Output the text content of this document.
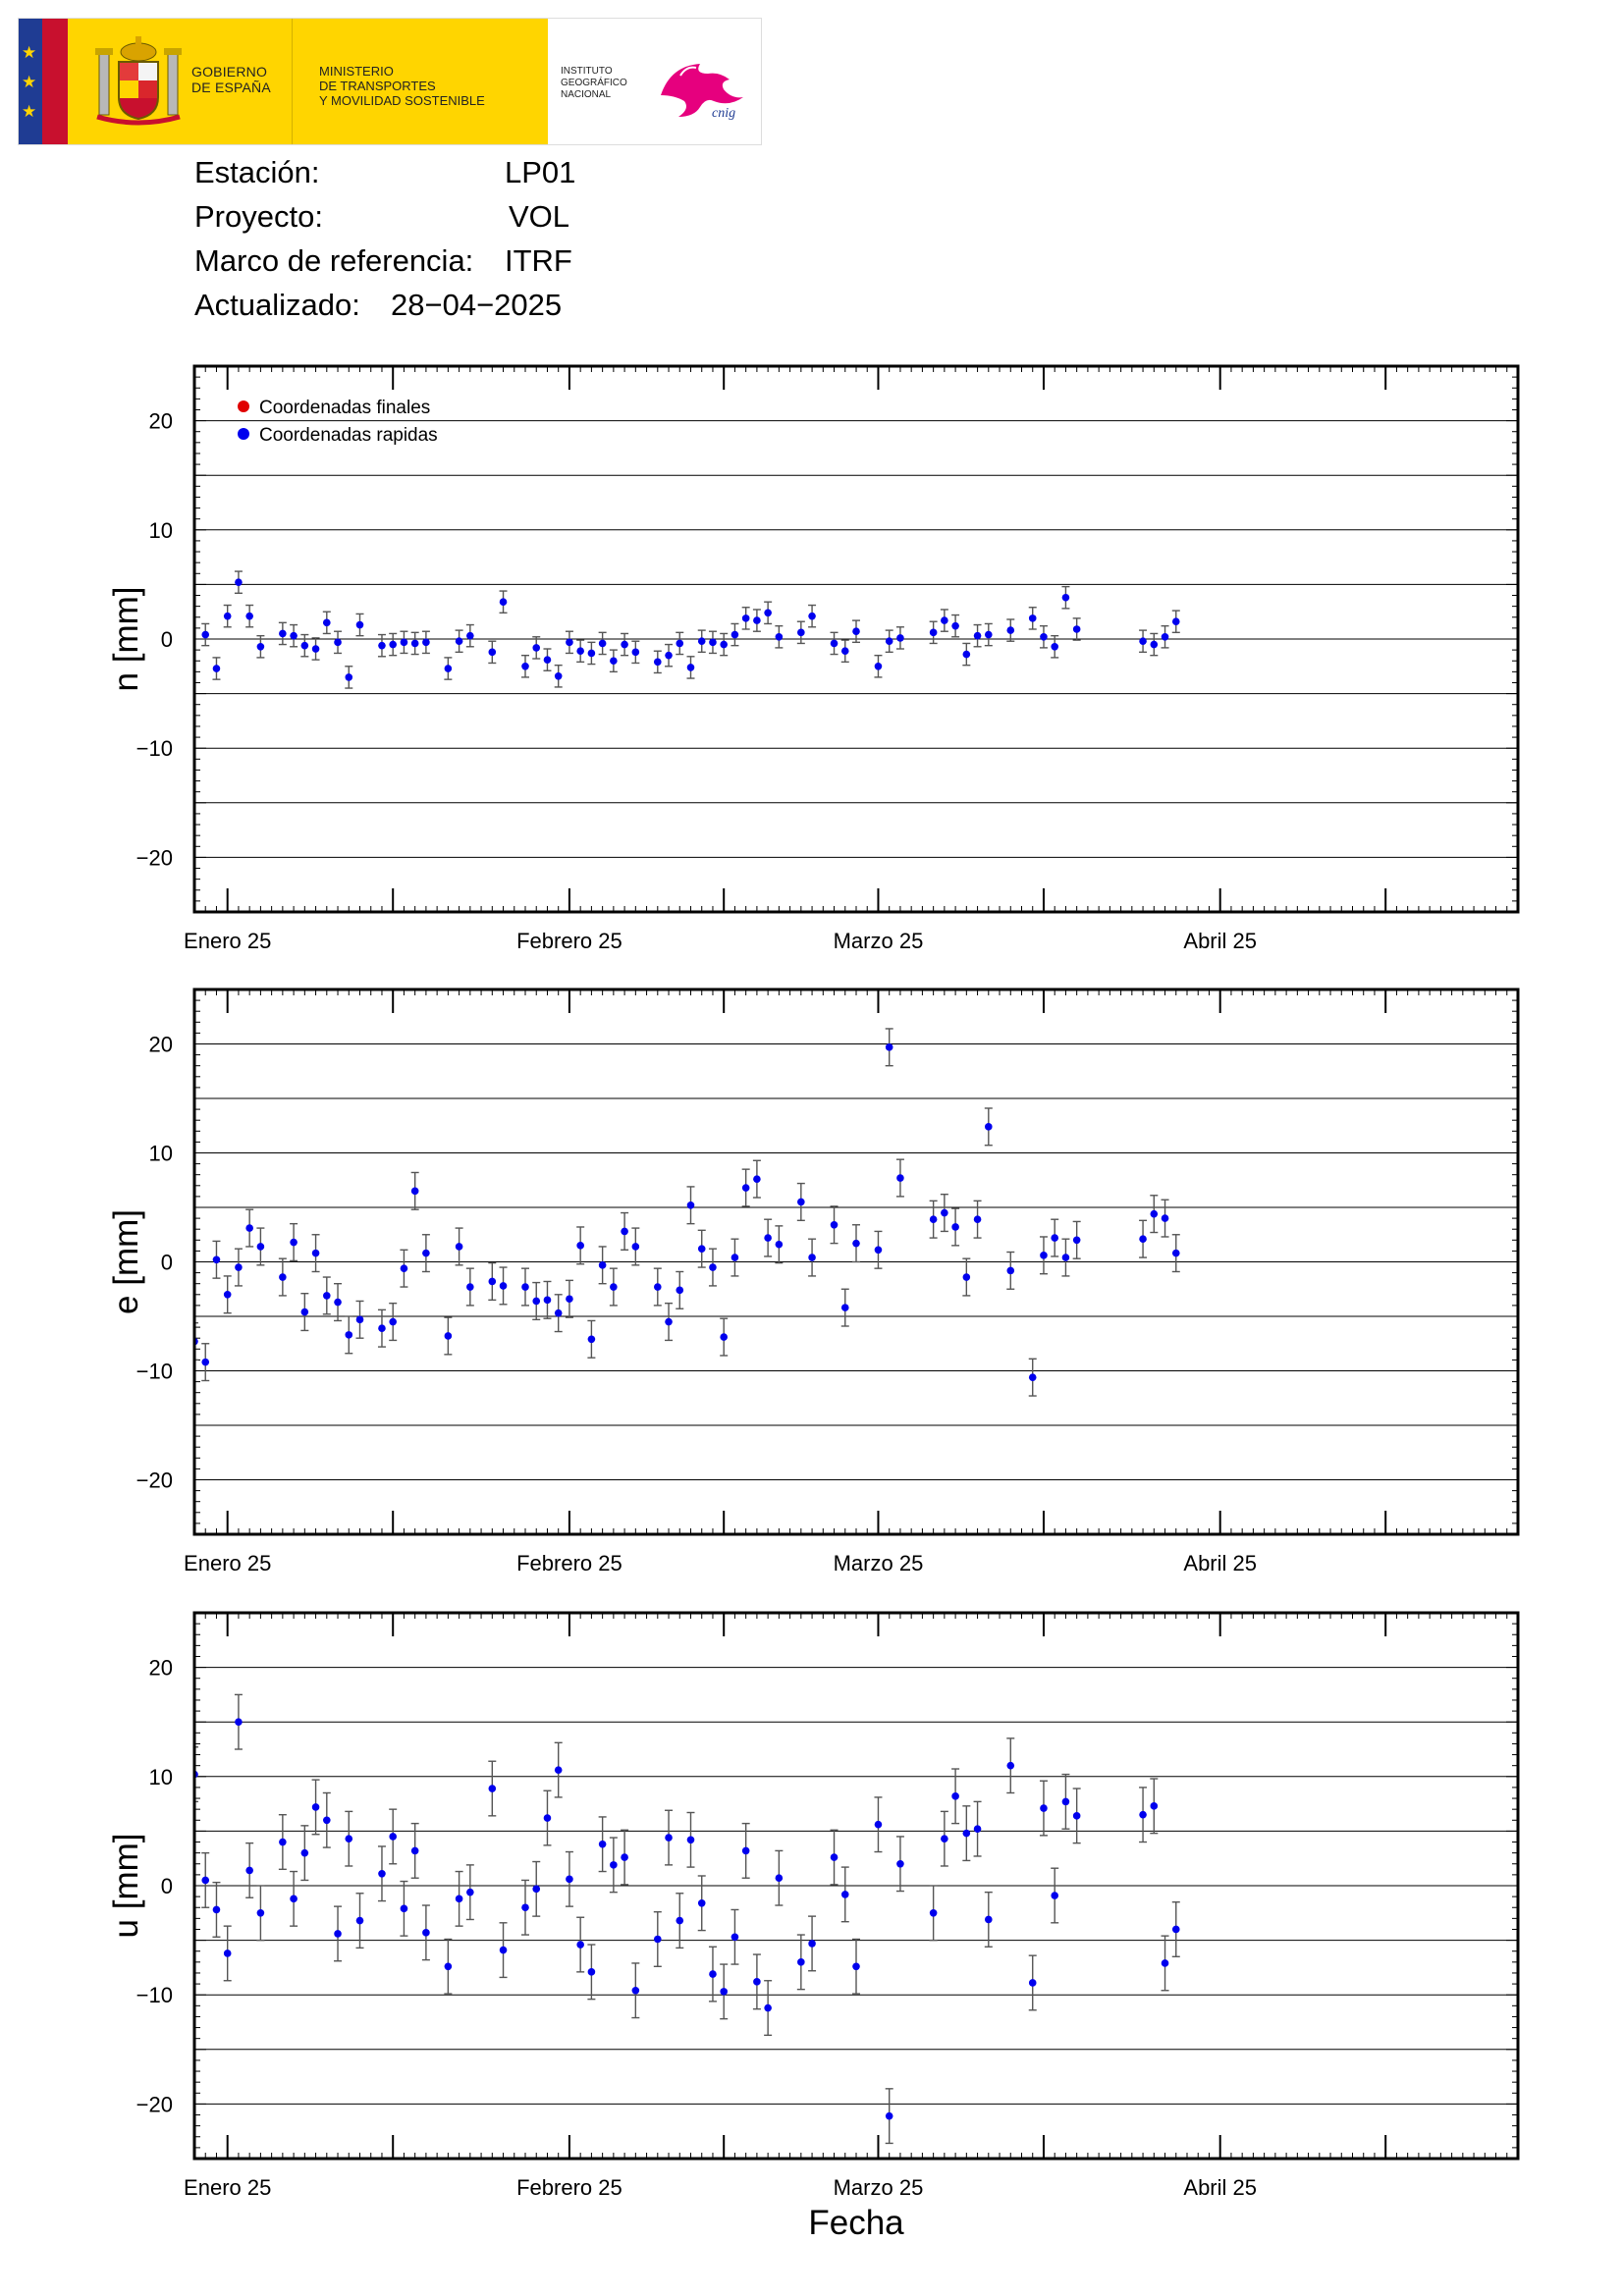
★
★
★
GOBIERNO
DE ESPAÑA
MINISTERIO
DE TRANSPORTES
Y MOVILIDAD SOSTENIBLE
INSTITUTO
GEOGRÁFICO
NACIONAL
cnig
Estación:	LP01
Proyecto:	VOL
Marco de referencia: ITRF
Actualizado: 28−04−2025
Enero 25	Febrero 25	Marzo 25	Abril 25
−20
−10
0
10
20
n [mm]
Coordenadas finales
Coordenadas rapidas
Enero 25	Febrero 25	Marzo 25	Abril 25
−20
−10
0
10
20
e [mm]
Enero 25	Febrero 25	Marzo 25	Abril 25
−20
−10
0
10
20
u [mm]
Fecha
